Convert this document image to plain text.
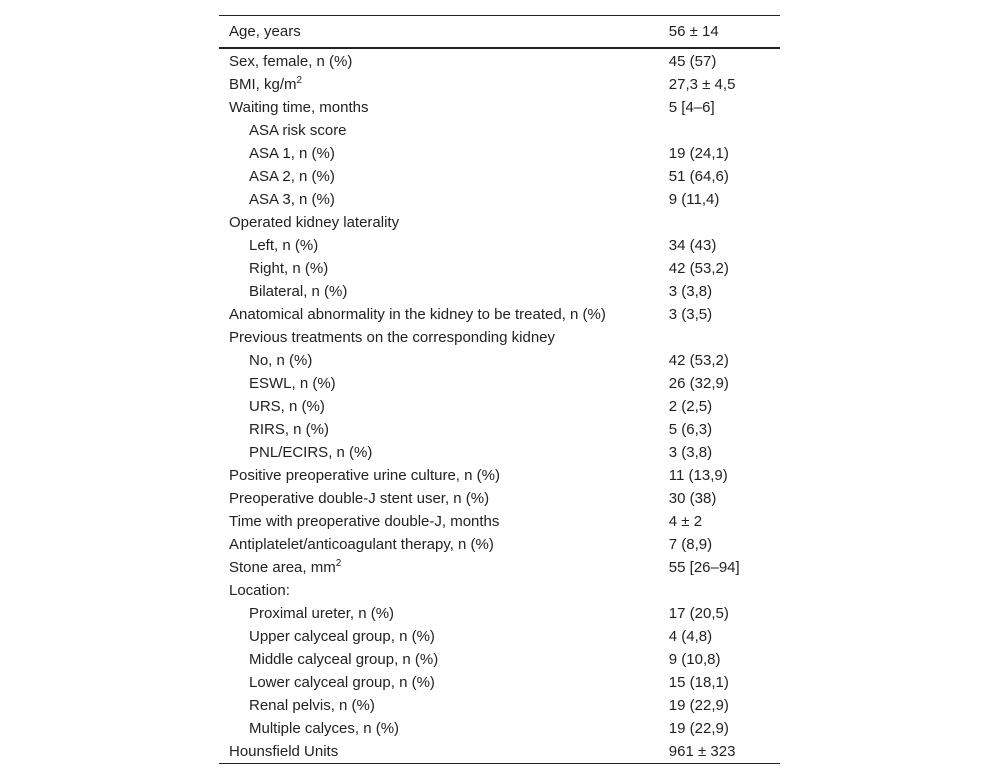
Age, years	56 ± 14
Sex, female, n (%)	45 (57)
BMI, $kg/m^2$	27,3 ± 4,5
Waiting time, months	5 [4–6]
ASA risk score	
ASA 1, n (%)	19 (24,1)
ASA 2, n (%)	51 (64,6)
ASA 3, n (%)	9 (11,4)
Operated kidney laterality	
Left, n (%)	34 (43)
Right, n (%)	42 (53,2)
Bilateral, n (%)	3 (3,8)
Anatomical abnormality in the kidney to be treated, n (%)	3 (3,5)
Previous treatments on the corresponding kidney	
No, n (%)	42 (53,2)
ESWL, n (%)	26 (32,9)
URS, n (%)	2 (2,5)
RIRS, n (%)	5 (6,3)
PNL/ECIRS, n (%)	3 (3,8)
Positive preoperative urine culture, n (%)	11 (13,9)
Preoperative double-J stent user, n (%)	30 (38)
Time with preoperative double-J, months	4 ± 2
Antiplatelet/anticoagulant therapy, n (%)	7 (8,9)
Stone area, $mm^2$	55 [26–94]
Location:	
Proximal ureter, n (%)	17 (20,5)
Upper calyceal group, n (%)	4 (4,8)
Middle calyceal group, n (%)	9 (10,8)
Lower calyceal group, n (%)	15 (18,1)
Renal pelvis, n (%)	19 (22,9)
Multiple calyces, n (%)	19 (22,9)
Hounsfield Units	961 ± 323
